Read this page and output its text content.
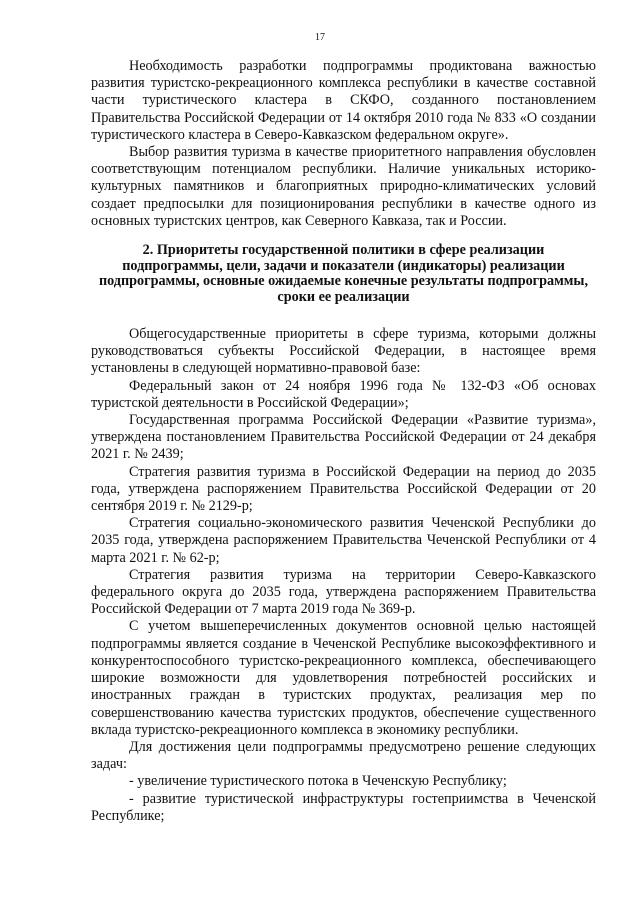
17

Необходимость разработки подпрограммы продиктована важностью развития туристско-рекреационного комплекса республики в качестве составной части туристического кластера в СКФО, созданного постановлением Правительства Российской Федерации от 14 октября 2010 года № 833 «О создании туристического кластера в Северо-Кавказском федеральном округе».

Выбор развития туризма в качестве приоритетного направления обусловлен соответствующим потенциалом республики. Наличие уникальных историко-культурных памятников и благоприятных природно-климатических условий создает предпосылки для позиционирования республики в качестве одного из основных туристских центров, как Северного Кавказа, так и России.

2. Приоритеты государственной политики в сфере реализации подпрограммы, цели, задачи и показатели (индикаторы) реализации подпрограммы, основные ожидаемые конечные результаты подпрограммы, сроки ее реализации

Общегосударственные приоритеты в сфере туризма, которыми должны руководствоваться субъекты Российской Федерации, в настоящее время установлены в следующей нормативно-правовой базе:

Федеральный закон от 24 ноября 1996 года № 132-ФЗ «Об основах туристской деятельности в Российской Федерации»;

Государственная программа Российской Федерации «Развитие туризма», утверждена постановлением Правительства Российской Федерации от 24 декабря 2021 г. № 2439;

Стратегия развития туризма в Российской Федерации на период до 2035 года, утверждена распоряжением Правительства Российской Федерации от 20 сентября 2019 г. № 2129-р;

Стратегия социально-экономического развития Чеченской Республики до 2035 года, утверждена распоряжением Правительства Чеченской Республики от 4 марта 2021 г. № 62-р;

Стратегия развития туризма на территории Северо-Кавказского федерального округа до 2035 года, утверждена распоряжением Правительства Российской Федерации от 7 марта 2019 года № 369-р.

С учетом вышеперечисленных документов основной целью настоящей подпрограммы является создание в Чеченской Республике высокоэффективного и конкурентоспособного туристско-рекреационного комплекса, обеспечивающего широкие возможности для удовлетворения потребностей российских и иностранных граждан в туристских продуктах, реализация мер по совершенствованию качества туристских продуктов, обеспечение существенного вклада туристско-рекреационного комплекса в экономику республики.

Для достижения цели подпрограммы предусмотрено решение следующих задач:

- увеличение туристического потока в Чеченскую Республику;

- развитие туристической инфраструктуры гостеприимства в Чеченской Республике;
